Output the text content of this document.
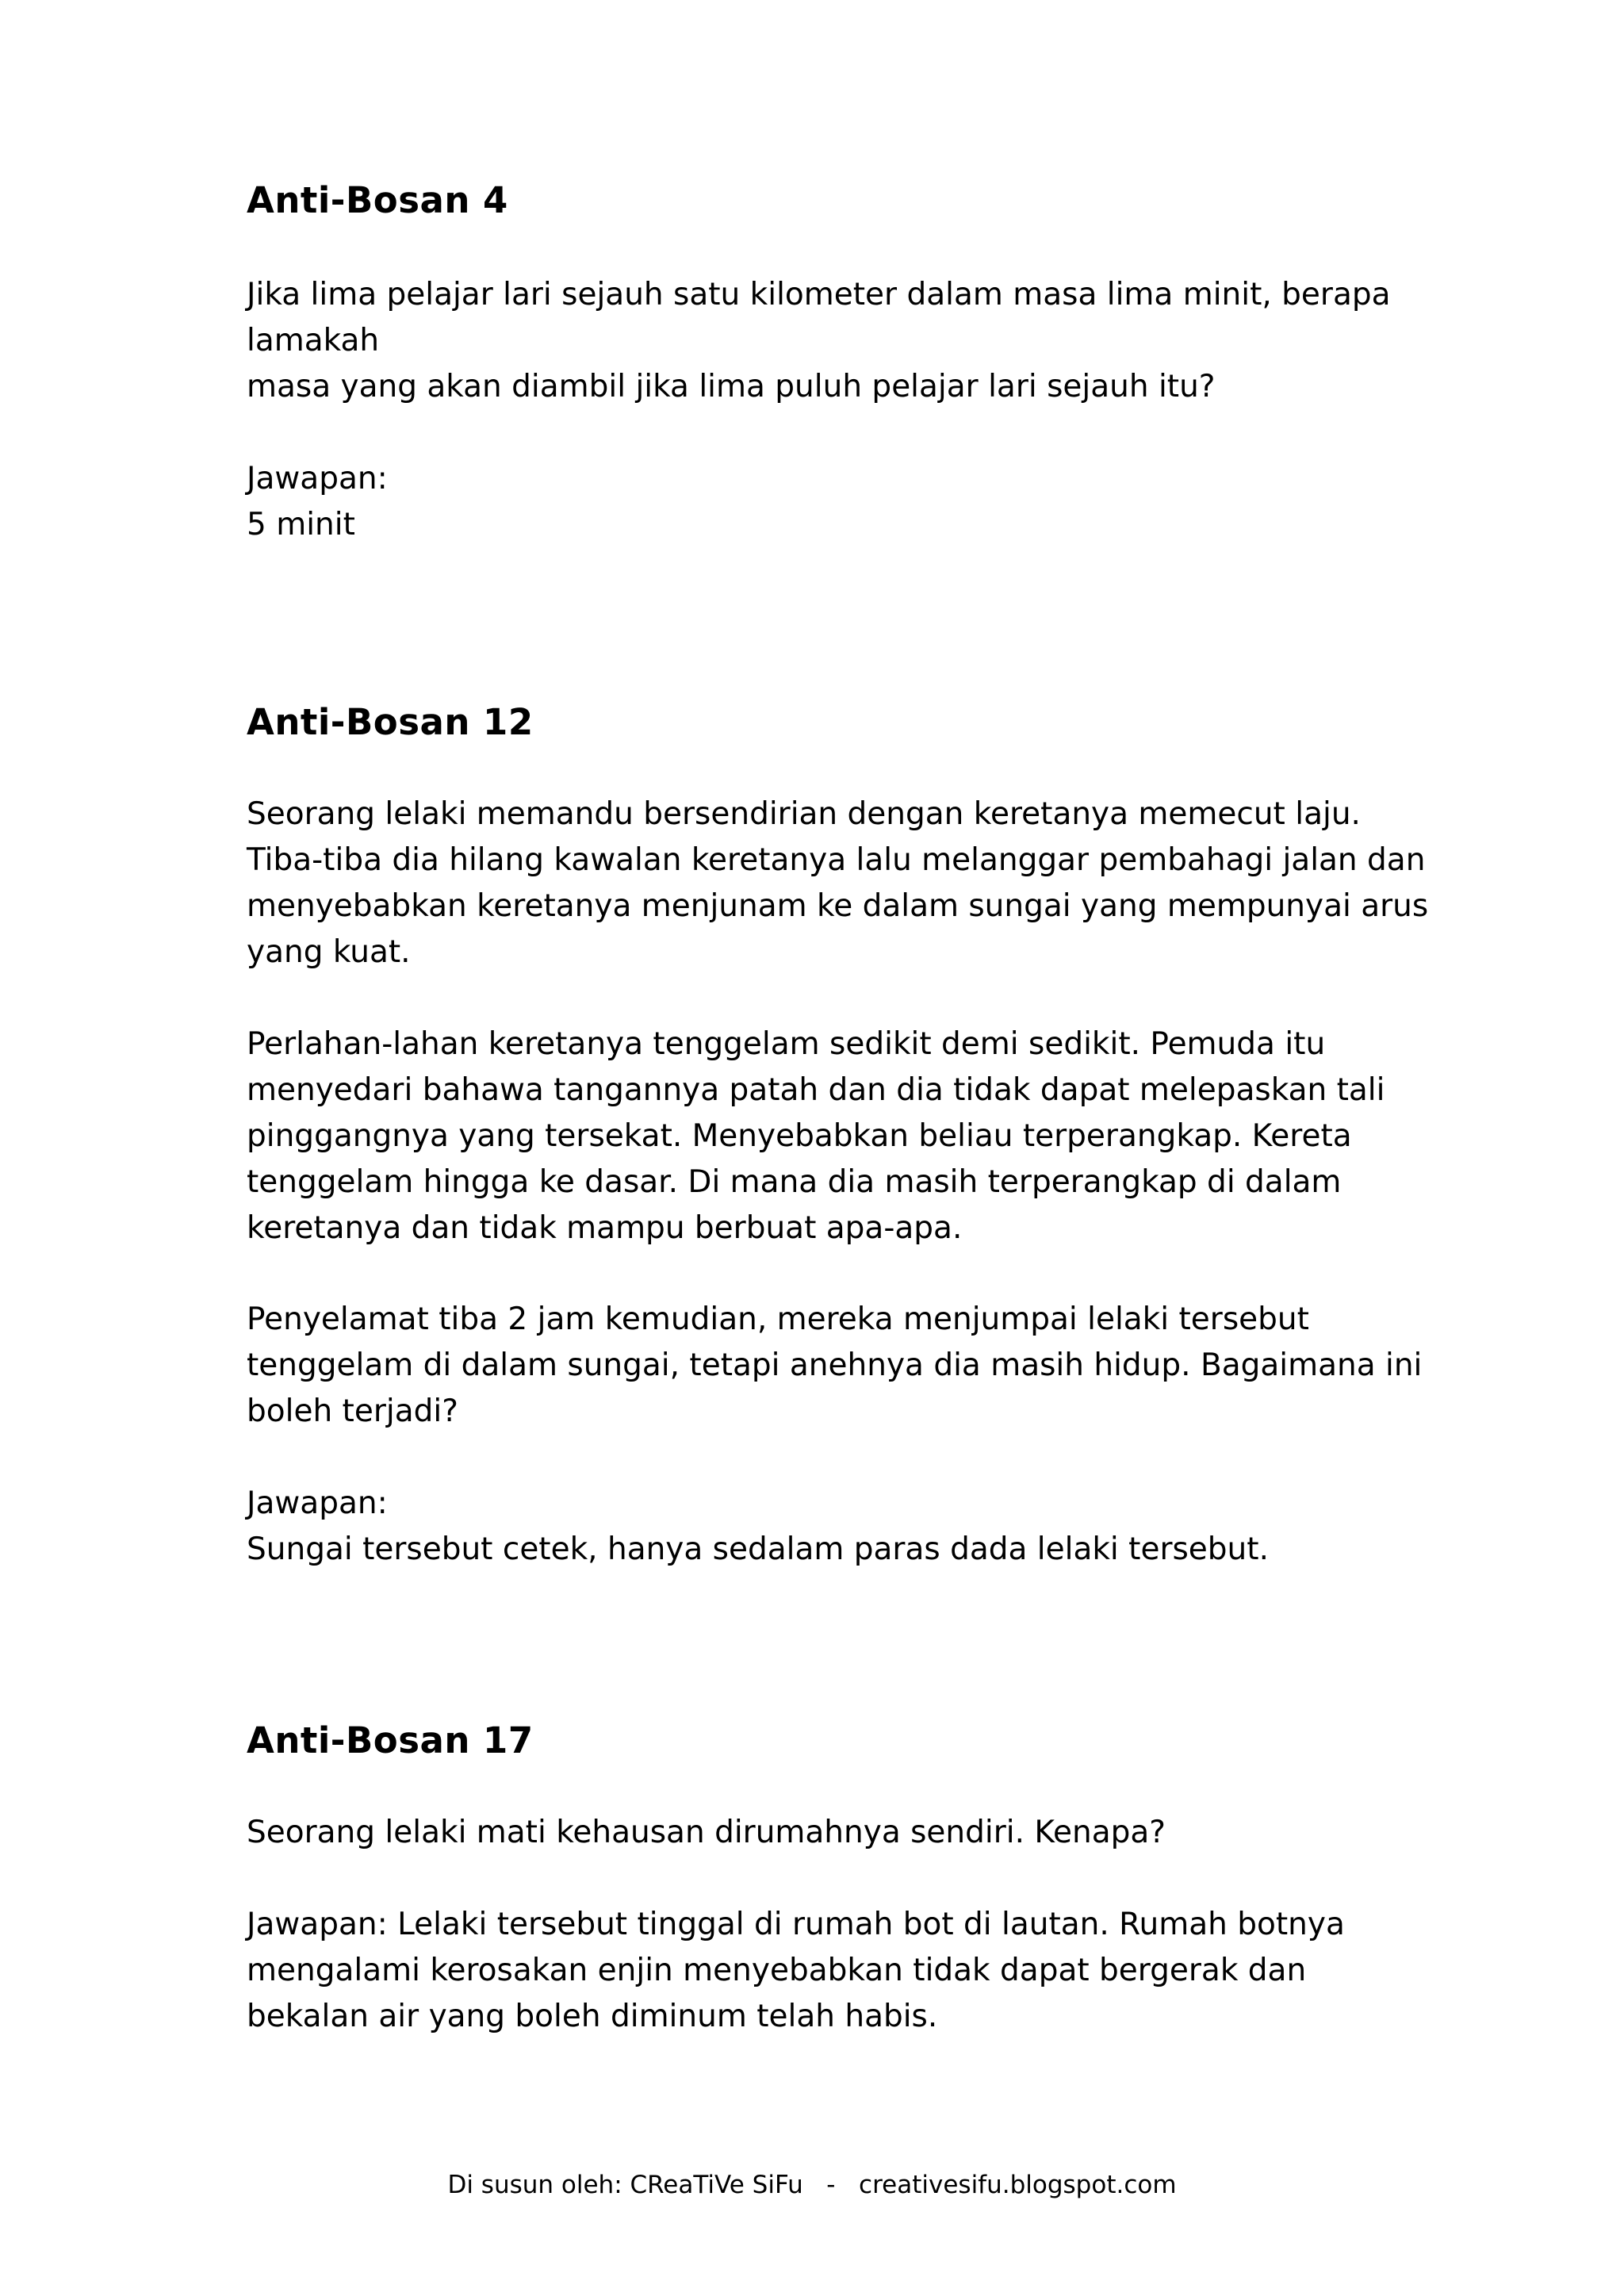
Anti-Bosan 4

Jika lima pelajar lari sejauh satu kilometer dalam masa lima minit, berapa

lamakah

masa yang akan diambil jika lima puluh pelajar lari sejauh itu?

Jawapan:

5 minit

Anti-Bosan 12

Seorang lelaki memandu bersendirian dengan keretanya memecut laju.

Tiba-tiba dia hilang kawalan keretanya lalu melanggar pembahagi jalan dan

menyebabkan keretanya menjunam ke dalam sungai yang mempunyai arus

yang kuat.

Perlahan-lahan keretanya tenggelam sedikit demi sedikit. Pemuda itu

menyedari bahawa tangannya patah dan dia tidak dapat melepaskan tali

pinggangnya yang tersekat. Menyebabkan beliau terperangkap. Kereta

tenggelam hingga ke dasar. Di mana dia masih terperangkap di dalam

keretanya dan tidak mampu berbuat apa-apa.

Penyelamat tiba 2 jam kemudian, mereka menjumpai lelaki tersebut

tenggelam di dalam sungai, tetapi anehnya dia masih hidup. Bagaimana ini

boleh terjadi?

Jawapan:

Sungai tersebut cetek, hanya sedalam paras dada lelaki tersebut.

Anti-Bosan 17

Seorang lelaki mati kehausan dirumahnya sendiri. Kenapa?

Jawapan: Lelaki tersebut tinggal di rumah bot di lautan. Rumah botnya

mengalami kerosakan enjin menyebabkan tidak dapat bergerak dan

bekalan air yang boleh diminum telah habis.

Di susun oleh: CReaTiVe SiFu   -   creativesifu.blogspot.com
